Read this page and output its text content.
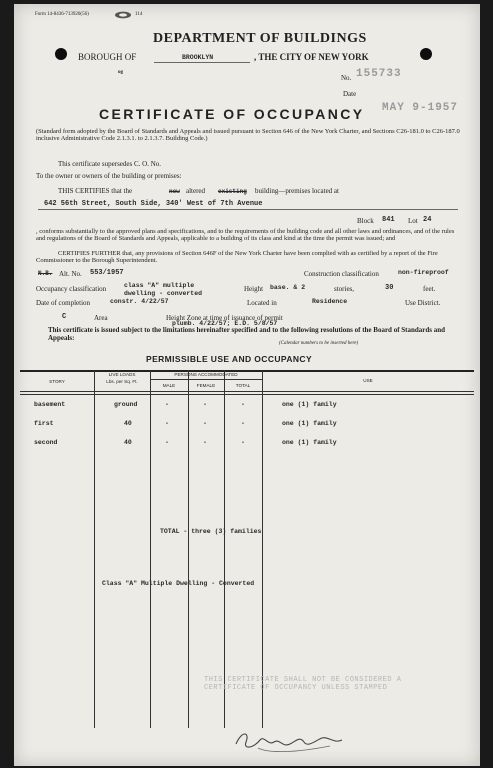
Form 14-8436-713920(56)	114
DEPARTMENT OF BUILDINGS
BOROUGH OF	BROOKLYN	, THE CITY OF NEW YORK
og
No. 155733
Date
CERTIFICATE OF OCCUPANCY MAY 9-1957
(Standard form adopted by the Board of Standards and Appeals and issued pursuant to Section 646 of the New York Charter, and Sections C26-181.0 to C26-187.0 inclusive Administrative Code 2.1.3.1. to 2.1.3.7. Building Code.)
This certificate supersedes C. O. No.
To the owner or owners of the building or premises:
THIS CERTIFIES that the	new altered existing building—premises located at
642 56th Street, South Side, 340' West of 7th Avenue
Block 841 Lot 24
, conforms substantially to the approved plans and specifications, and to the requirements of the building code and all other laws and ordinances, and of the rules and regulations of the Board of Standards and Appeals, applicable to a building of its class and kind at the time the permit was issued; and
CERTIFIES FURTHER that, any provisions of Section 646F of the New York Charter have been complied with as certified by a report of the Fire Commissioner to the Borough Superintendent.
N.B. Alt. No. 553/1957	Construction classification	non-fireproof
Occupancy classification	class "A" multiple
dwelling - converted
Height base. & 2	stories,	30	feet.
Date of completion	constr. 4/22/57	Located in	Residence	Use District.
C	Area	Height Zone at time of issuance of permit
plumb. 4/22/57; E.D. 5/8/57
This certificate is issued subject to the limitations hereinafter specified and to the following resolutions of the Board of Standards and Appeals:
(Calendar numbers to be inserted here)
PERMISSIBLE USE AND OCCUPANCY
STORY
LIVE LOADS
Lbs. per Sq. Ft.
PERSONS ACCOMMODATED
MALE	FEMALE	TOTAL
USE
basement	ground	-	-	-	one (1) family
first	40	-	-	-	one (1) family
second	40	-	-	-	one (1) family
TOTAL - three (3) families
Class "A" Multiple Dwelling - Converted
THIS CERTIFICATE SHALL NOT BE CONSIDERED A CERTIFICATE OF OCCUPANCY UNLESS STAMPED
